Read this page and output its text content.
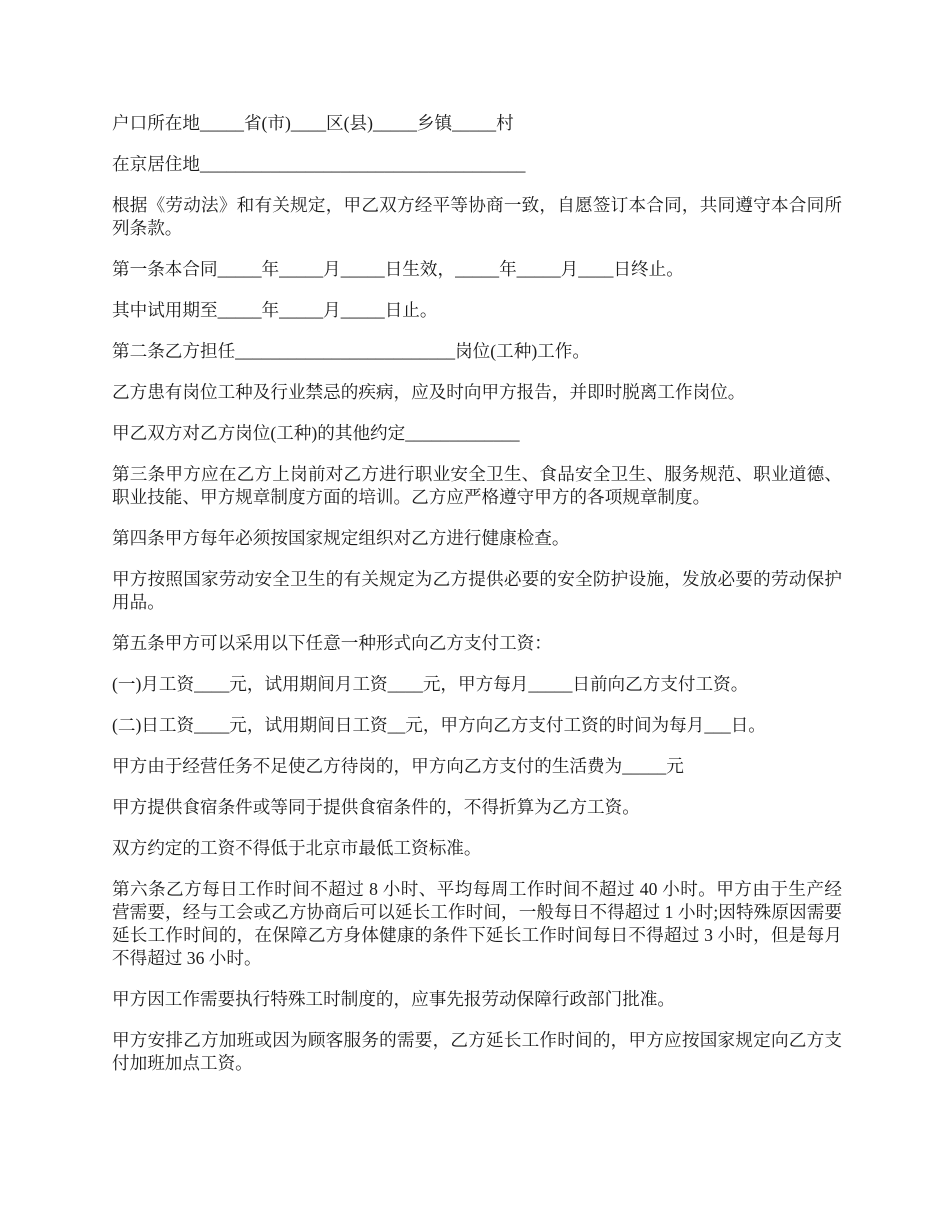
户口所在地_____省(市)____区(县)_____乡镇_____村

在京居住地_____________________________________

根据《劳动法》和有关规定，甲乙双方经平等协商一致，自愿签订本合同，共同遵守本合同所列条款。

第一条本合同_____年_____月_____日生效，_____年_____月____日终止。

其中试用期至_____年_____月_____日止。

第二条乙方担任_________________________岗位(工种)工作。

乙方患有岗位工种及行业禁忌的疾病，应及时向甲方报告，并即时脱离工作岗位。

甲乙双方对乙方岗位(工种)的其他约定_____________

第三条甲方应在乙方上岗前对乙方进行职业安全卫生、食品安全卫生、服务规范、职业道德、职业技能、甲方规章制度方面的培训。乙方应严格遵守甲方的各项规章制度。

第四条甲方每年必须按国家规定组织对乙方进行健康检查。

甲方按照国家劳动安全卫生的有关规定为乙方提供必要的安全防护设施，发放必要的劳动保护用品。

第五条甲方可以采用以下任意一种形式向乙方支付工资：

(一)月工资____元，试用期间月工资____元，甲方每月_____日前向乙方支付工资。

(二)日工资____元，试用期间日工资__元，甲方向乙方支付工资的时间为每月___日。

甲方由于经营任务不足使乙方待岗的，甲方向乙方支付的生活费为_____元

甲方提供食宿条件或等同于提供食宿条件的，不得折算为乙方工资。

双方约定的工资不得低于北京市最低工资标准。

第六条乙方每日工作时间不超过 8 小时、平均每周工作时间不超过 40 小时。甲方由于生产经营需要，经与工会或乙方协商后可以延长工作时间，一般每日不得超过 1 小时;因特殊原因需要延长工作时间的，在保障乙方身体健康的条件下延长工作时间每日不得超过 3 小时，但是每月不得超过 36 小时。

甲方因工作需要执行特殊工时制度的，应事先报劳动保障行政部门批准。

甲方安排乙方加班或因为顾客服务的需要，乙方延长工作时间的，甲方应按国家规定向乙方支付加班加点工资。
